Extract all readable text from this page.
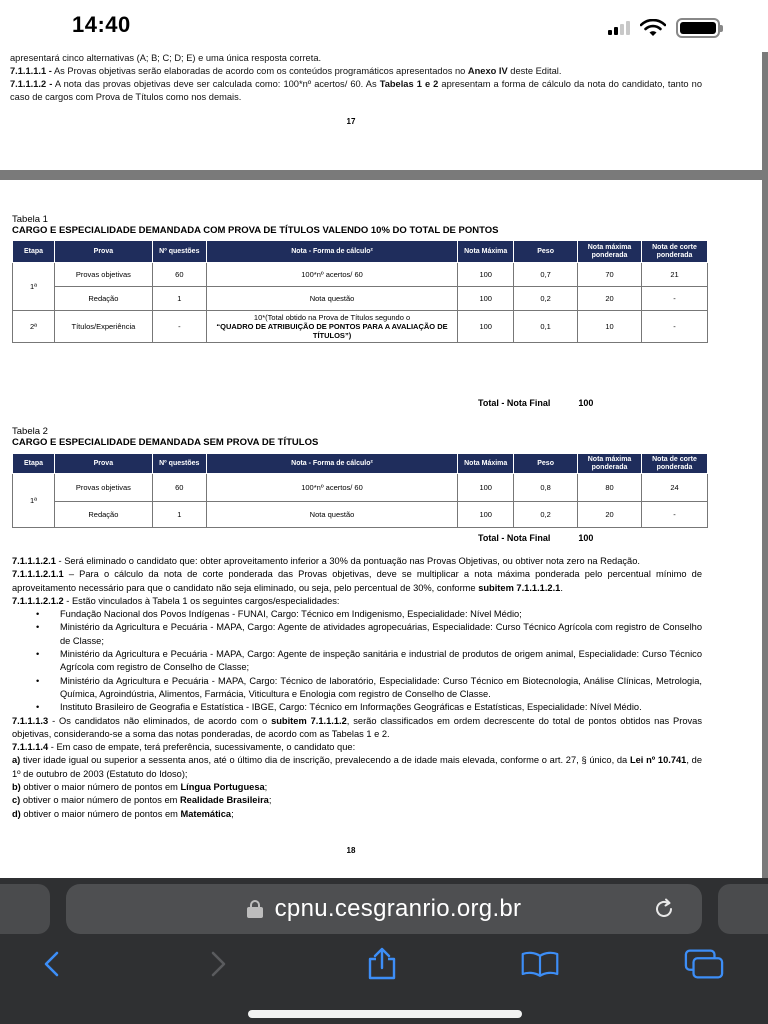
14:40
apresentará cinco alternativas (A; B; C; D; E) e uma única resposta correta.
7.1.1.1.1 - As Provas objetivas serão elaboradas de acordo com os conteúdos programáticos apresentados no Anexo IV deste Edital.
7.1.1.1.2 - A nota das provas objetivas deve ser calculada como: 100*nº acertos/ 60. As Tabelas 1 e 2 apresentam a forma de cálculo da nota do candidato, tanto no caso de cargos com Prova de Títulos como nos demais.
17
Tabela 1
CARGO E ESPECIALIDADE DEMANDADA COM PROVA DE TÍTULOS VALENDO 10% DO TOTAL DE PONTOS
Etapa	Prova	Nº questões	Nota - Forma de cálculo²	Nota Máxima	Peso	Nota máxima ponderada	Nota de corte ponderada
1ª	Provas objetivas	60	100*nº acertos/ 60	100	0,7	70	21
	Redação	1	Nota questão	100	0,2	20	-
2ª	Títulos/Experiência	-	10*(Total obtido na Prova de Títulos segundo o
“QUADRO DE ATRIBUIÇÃO DE PONTOS PARA A AVALIAÇÃO DE TÍTULOS”)	100	0,1	10	-
Total - Nota Final	100
Tabela 2
CARGO E ESPECIALIDADE DEMANDADA SEM PROVA DE TÍTULOS
Etapa	Prova	Nº questões	Nota - Forma de cálculo²	Nota Máxima	Peso	Nota máxima ponderada	Nota de corte ponderada
1ª	Provas objetivas	60	100*nº acertos/ 60	100	0,8	80	24
	Redação	1	Nota questão	100	0,2	20	-
Total - Nota Final	100
7.1.1.1.2.1 - Será eliminado o candidato que: obter aproveitamento inferior a 30% da pontuação nas Provas Objetivas, ou obtiver nota zero na Redação.
7.1.1.1.2.1.1 – Para o cálculo da nota de corte ponderada das Provas objetivas, deve se multiplicar a nota máxima ponderada pelo percentual mínimo de aproveitamento necessário para que o candidato não seja eliminado, ou seja, pelo percentual de 30%, conforme subitem 7.1.1.1.2.1.
7.1.1.1.2.1.2 - Estão vinculados à Tabela 1 os seguintes cargos/especialidades:
• Fundação Nacional dos Povos Indígenas - FUNAI, Cargo: Técnico em Indigenismo, Especialidade: Nível Médio;
• Ministério da Agricultura e Pecuária - MAPA, Cargo: Agente de atividades agropecuárias, Especialidade: Curso Técnico Agrícola com registro de Conselho de Classe;
• Ministério da Agricultura e Pecuária - MAPA, Cargo: Agente de inspeção sanitária e industrial de produtos de origem animal, Especialidade: Curso Técnico Agrícola com registro de Conselho de Classe;
• Ministério da Agricultura e Pecuária - MAPA, Cargo: Técnico de laboratório, Especialidade: Curso Técnico em Biotecnologia, Análise Clínicas, Metrologia, Química, Agroindústria, Alimentos, Farmácia, Viticultura e Enologia com registro de Conselho de Classe.
• Instituto Brasileiro de Geografia e Estatística - IBGE, Cargo: Técnico em Informações Geográficas e Estatísticas, Especialidade: Nível Médio.
7.1.1.1.3 - Os candidatos não eliminados, de acordo com o subitem 7.1.1.1.2, serão classificados em ordem decrescente do total de pontos obtidos nas Provas objetivas, considerando-se a soma das notas ponderadas, de acordo com as Tabelas 1 e 2.
7.1.1.1.4 - Em caso de empate, terá preferência, sucessivamente, o candidato que:
a) tiver idade igual ou superior a sessenta anos, até o último dia de inscrição, prevalecendo a de idade mais elevada, conforme o art. 27, § único, da Lei nº 10.741, de 1º de outubro de 2003 (Estatuto do Idoso);
b) obtiver o maior número de pontos em Língua Portuguesa;
c) obtiver o maior número de pontos em Realidade Brasileira;
d) obtiver o maior número de pontos em Matemática;
18
cpnu.cesgranrio.org.br
